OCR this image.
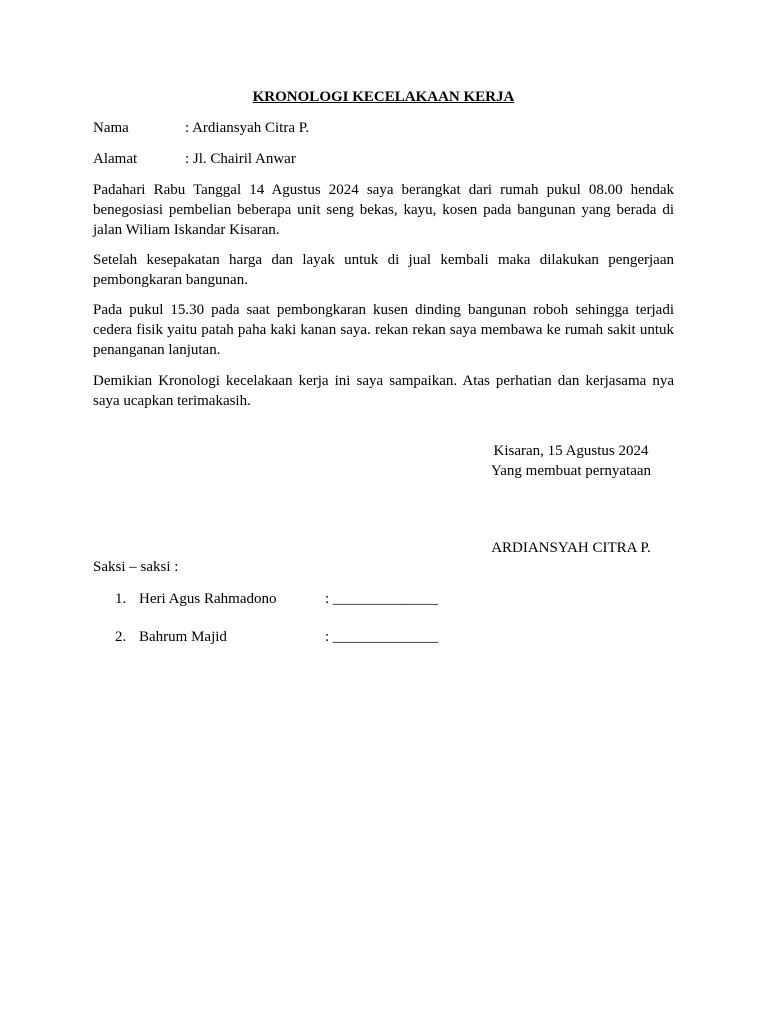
KRONOLOGI KECELAKAAN KERJA
Nama	: Ardiansyah Citra P.
Alamat	: Jl. Chairil Anwar

Padahari Rabu Tanggal 14 Agustus 2024 saya berangkat dari rumah pukul 08.00 hendak benegosiasi pembelian beberapa unit seng bekas, kayu, kosen pada bangunan yang berada di jalan Wiliam Iskandar Kisaran.

Setelah kesepakatan harga dan layak untuk di jual kembali maka dilakukan pengerjaan pembongkaran bangunan.

Pada pukul 15.30 pada saat pembongkaran kusen dinding bangunan roboh sehingga terjadi cedera fisik yaitu patah paha kaki kanan saya. rekan rekan saya membawa ke rumah sakit untuk penanganan lanjutan.

Demikian Kronologi kecelakaan kerja ini saya sampaikan. Atas perhatian dan kerjasama nya saya ucapkan terimakasih.

Kisaran, 15 Agustus 2024
Yang membuat pernyataan
ARDIANSYAH CITRA P.
Saksi – saksi :
1. Heri Agus Rahmadono	: ______________
2. Bahrum Majid	: ______________
